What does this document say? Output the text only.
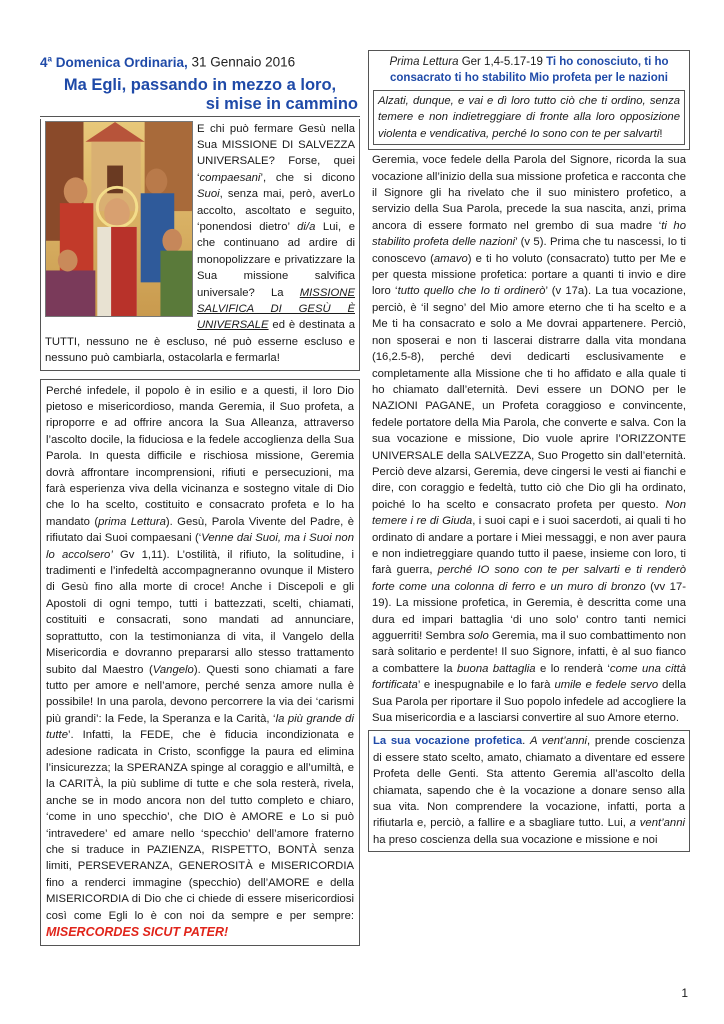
4$^a$ Domenica Ordinaria, 31 Gennaio 2016
Ma Egli, passando in mezzo a loro,
si mise in cammino
E chi può fermare Gesù nella Sua MISSIONE DI SALVEZZA UNIVERSALE? Forse, quei ‘compaesani’, che si dicono Suoi, senza mai, però, averLo accolto, ascoltato e seguito, ‘ponendosi dietro’ di/a Lui, e che continuano ad ardire di monopolizzare e privatizzare la Sua missione salvifica universale? La MISSIONE SALVIFICA DI GESÙ È UNIVERSALE ed è destinata a TUTTI, nessuno ne è escluso, né può esserne escluso e nessuno può cambiarla, ostacolarla e fermarla!
Perché infedele, il popolo è in esilio e a questi, il loro Dio pietoso e misericordioso, manda Geremia, il Suo profeta, a riproporre e ad offrire ancora la Sua Alleanza, attraverso l’ascolto docile, la fiduciosa e la fedele accoglienza della Sua Parola. In questa difficile e rischiosa missione, Geremia dovrà affrontare incomprensioni, rifiuti e persecuzioni, ma farà esperienza viva della vicinanza e sostegno vitale di Dio che lo ha scelto, costituito e consacrato profeta e lo ha mandato (prima Lettura). Gesù, Parola Vivente del Padre, è rifiutato dai Suoi compaesani (‘Venne dai Suoi, ma i Suoi non lo accolsero’ Gv 1,11). L’ostilità, il rifiuto, la solitudine, i tradimenti e l’infedeltà accompagneranno ovunque il Mistero di Gesù fino alla morte di croce! Anche i Discepoli e gli Apostoli di ogni tempo, tutti i battezzati, scelti, chiamati, costituiti e consacrati, sono mandati ad annunciare, soprattutto, con la testimonianza di vita, il Vangelo della Misericordia e dovranno prepararsi allo stesso trattamento subito dal Maestro (Vangelo). Questi sono chiamati a fare tutto per amore e nell’amore, perché senza amore nulla è possibile! In una parola, devono percorrere la via dei ‘carismi più grandi’: la Fede, la Speranza e la Carità, ‘la più grande di tutte’. Infatti, la FEDE, che è fiducia incondizionata e adesione radicata in Cristo, sconfigge la paura ed elimina l’insicurezza; la SPERANZA spinge al coraggio e all’umiltà, e la CARITÀ, la più sublime di tutte e che sola resterà, rivela, anche se in modo ancora non del tutto completo e chiaro, ‘come in uno specchio’, che DIO è AMORE e Lo si può ‘intravedere’ ed amare nello ‘specchio’ dell’amore fraterno che si traduce in PAZIENZA, RISPETTO, BONTÀ senza limiti, PERSEVERANZA, GENEROSITÀ e MISERICORDIA fino a renderci immagine (specchio) dell’AMORE e della MISERICORDIA di Dio che ci chiede di essere misericordiosi così come Egli lo è con noi da sempre e per sempre: MISERCORDES SICUT PATER!
Prima Lettura Ger 1,4-5.17-19 Ti ho conosciuto, ti ho consacrato ti ho stabilito Mio profeta per le nazioni
Alzati, dunque, e vai e dì loro tutto ciò che ti ordino, senza temere e non indietreggiare di fronte alla loro opposizione violenta e vendicativa, perché Io sono con te per salvarti!
Geremia, voce fedele della Parola del Signore, ricorda la sua vocazione all’inizio della sua missione profetica e racconta che il Signore gli ha rivelato che il suo ministero profetico, a servizio della Sua Parola, precede la sua nascita, anzi, prima ancora di essere formato nel grembo di sua madre ‘ti ho stabilito profeta delle nazioni’ (v 5). Prima che tu nascessi, Io ti conoscevo (amavo) e ti ho voluto (consacrato) tutto per Me e per questa missione profetica: portare a quanti ti invio e dire loro ‘tutto quello che Io ti ordinerò’ (v 17a). La tua vocazione, perciò, è ‘il segno’ del Mio amore eterno che ti ha scelto e a Me ti ha consacrato e solo a Me dovrai appartenere. Perciò, non sposerai e non ti lascerai distrarre dalla vita mondana (16,2.5-8), perché devi dedicarti esclusivamente e completamente alla Missione che ti ho affidato e alla quale ti ho chiamato dall’eternità. Devi essere un DONO per le NAZIONI PAGANE, un Profeta coraggioso e convincente, fedele portatore della Mia Parola, che converte e salva. Con la sua vocazione e missione, Dio vuole aprire l’ORIZZONTE UNIVERSALE della SALVEZZA, Suo Progetto sin dall’eternità. Perciò deve alzarsi, Geremia, deve cingersi le vesti ai fianchi e dire, con coraggio e fedeltà, tutto ciò che Dio gli ha ordinato, poiché lo ha scelto e consacrato profeta per questo. Non temere i re di Giuda, i suoi capi e i suoi sacerdoti, ai quali ti ho ordinato di andare a portare i Miei messaggi, e non aver paura e non indietreggiare quando tutto il paese, insieme con loro, ti farà guerra, perché IO sono con te per salvarti e ti renderò forte come una colonna di ferro e un muro di bronzo (vv 17-19). La missione profetica, in Geremia, è descritta come una dura ed impari battaglia ‘di uno solo’ contro tanti nemici agguerriti! Sembra solo Geremia, ma il suo combattimento non sarà solitario e perdente! Il suo Signore, infatti, è al suo fianco a combattere la buona battaglia e lo renderà ‘come una città fortificata’ e inespugnabile e lo farà umile e fedele servo della Sua Parola per riportare il Suo popolo infedele ad accogliere la Sua misericordia e a lasciarsi convertire al suo Amore eterno.
La sua vocazione profetica. A vent’anni, prende coscienza di essere stato scelto, amato, chiamato a diventare ed essere Profeta delle Genti. Sta attento Geremia all’ascolto della chiamata, sapendo che è la vocazione a donare senso alla sua vita. Non comprendere la vocazione, infatti, porta a rifiutarla e, perciò, a fallire e a sbagliare tutto. Lui, a vent’anni ha preso coscienza della sua vocazione e missione e noi
1
